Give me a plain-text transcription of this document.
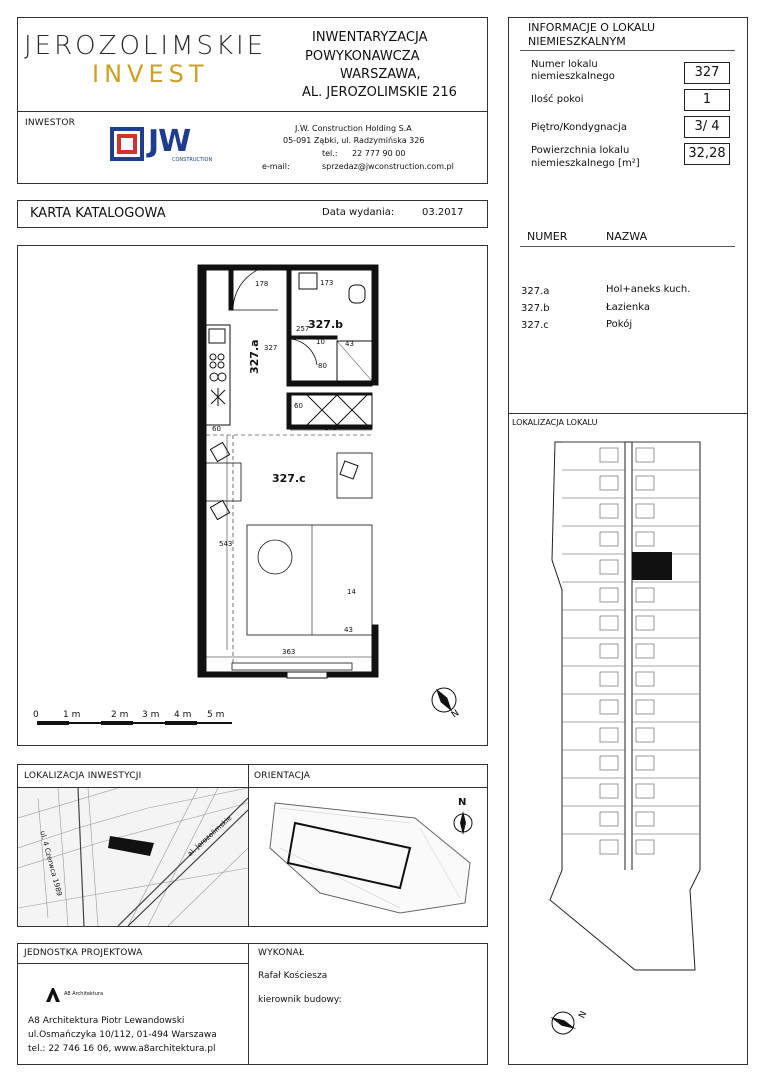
JEROZOLIMSKIE
INVEST
INWENTARYZACJA
POWYKONAWCZA
WARSZAWA,
AL. JEROZOLIMSKIE 216
INWESTOR
JW
CONSTRUCTION
J.W. Construction Holding S.A
05-091 Ząbki, ul. Radzymińska 326
tel.: 22 777 90 00
e-mail:	sprzedaz@jwconstruction.com.pl
KARTA KATALOGOWA	Data wydania:	03.2017
N
327.a
327.b
327.c
178	173
257
327
10	43
80
60
60	175
543
14
43
363
0	1 m	2 m 3 m 4 m 5 m
LOKALIZACJA INWESTYCJI	ORIENTACJA
ul. 4 Czerwca 1989	al. Jerozolimskie
N
JEDNOSTKA PROJEKTOWA	WYKONAŁ
A8 Architektura
A8 Architektura Piotr Lewandowski
ul.Osmańczyka 10/112, 01-494 Warszawa
tel.: 22 746 16 06, www.a8architektura.pl
Rafał Kościesza
kierownik budowy:
INFORMACJE O LOKALU
NIEMIESZKALNYM
Numer lokalu
niemieszkalnego	327
Ilość pokoi	1
Piętro/Kondygnacja	3/ 4
Powierzchnia lokalu
niemieszkalnego [m²]
32,28
NUMER	NAZWA
327.a	Hol+aneks kuch.
327.b	Łazienka
327.c	Pokój
LOKALIZACJA LOKALU
N
